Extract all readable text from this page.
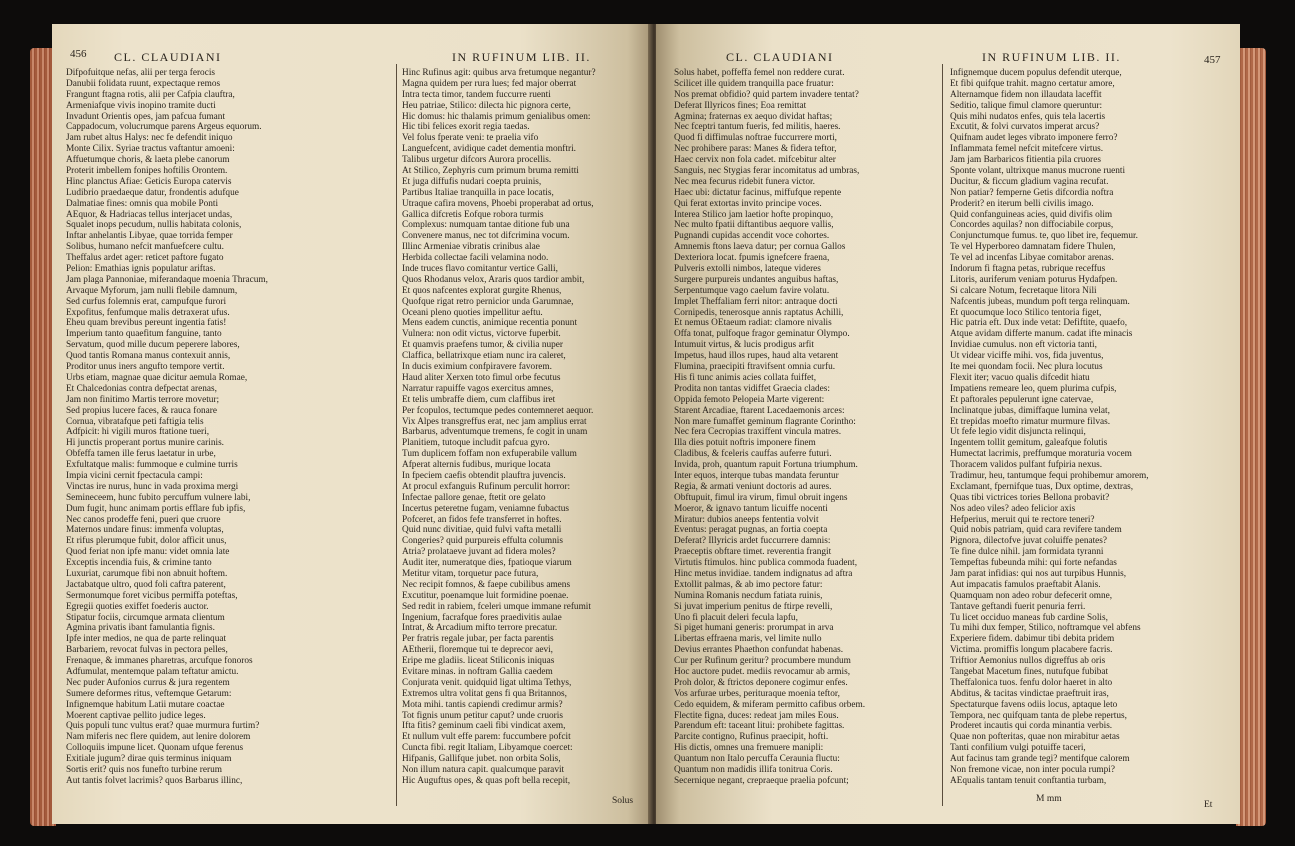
456 CL. CLAUDIANI	IN RUFINUM LIB. II.
Difpofuitque nefas, alii per terga ferocis
Danubii folidata ruunt, expectaque remos
Frangunt ftagna rotis, alii per Cafpia clauftra,
Armeniafque vivis inopino tramite ducti
Invadunt Orientis opes, jam pafcua fumant
Cappadocum, volucrumque parens Argeus equorum.
Jam rubet altus Halys: nec fe defendit iniquo
Monte Cilix. Syriae tractus vaftantur amoeni:
Affuetumque choris, & laeta plebe canorum
Proterit imbellem fonipes hoftilis Orontem.
Hinc planctus Afiae: Geticis Europa catervis
Ludibrio praedaeque datur, frondentis adufque
Dalmatiae fines: omnis qua mobile Ponti
AEquor, & Hadriacas tellus interjacet undas,
Squalet inops pecudum, nullis habitata colonis,
Inftar anhelantis Libyae, quae torrida femper
Solibus, humano nefcit manfuefcere cultu.
Theffalus ardet ager: reticet paftore fugato
Pelion: Emathias ignis populatur ariftas.
Jam plaga Pannoniae, miferandaque moenia Thracum,
Arvaque Myforum, jam nulli flebile damnum,
Sed curfus folemnis erat, campufque furori
Expofitus, fenfumque malis detraxerat ufus.
Eheu quam brevibus pereunt ingentia fatis!
Imperium tanto quaefitum fanguine, tanto
Servatum, quod mille ducum peperere labores,
Quod tantis Romana manus contexuit annis,
Proditor unus iners angufto tempore vertit.
Urbs etiam, magnae quae dicitur aemula Romae,
Et Chalcedonias contra defpectat arenas,
Jam non finitimo Martis terrore movetur;
Sed propius lucere faces, & rauca fonare
Cornua, vibratafque peti faftigia telis
Adfpicit: hi vigili muros ftatione tueri,
Hi junctis properant portus munire carinis.
Obfeffa tamen ille ferus laetatur in urbe,
Exfultatque malis: fummoque e culmine turris
Impia vicini cernit fpectacula campi:
Vinctas ire nurus, hunc in vada proxima mergi
Semineceem, hunc fubito percuffum vulnere labi,
Dum fugit, hunc animam portis efflare fub ipfis,
Nec canos prodeffe feni, pueri que cruore
Maternos undare finus: immenfa voluptas,
Et rifus plerumque fubit, dolor afficit unus,
Quod feriat non ipfe manu: videt omnia late
Exceptis incendia fuis, & crimine tanto
Luxuriat, carumque fibi non abnuit hoftem.
Jactabatque ultro, quod foli caftra paterent,
Sermonumque foret vicibus permiffa poteftas,
Egregii quoties exiffet foederis auctor.
Stipatur fociis, circumque armata clientum
Agmina privatis ibant famulantia fignis.
Ipfe inter medios, ne qua de parte relinquat
Barbariem, revocat fulvas in pectora pelles,
Frenaque, & immanes pharetras, arcufque fonoros
Adfumulat, mentemque palam teftatur amictu.
Nec puder Aufonios currus & jura regentem
Sumere deformes ritus, veftemque Getarum:
Infignemque habitum Latii mutare coactae
Moerent captivae pellito judice leges.
Quis populi tunc vultus erat? quae murmura furtim?
Nam miferis nec flere quidem, aut lenire dolorem
Colloquiis impune licet. Quonam ufque ferenus
Exitiale jugum? dirae quis terminus iniquam
Sortis erit? quis nos funefto turbine rerum
Aut tantis folvet lacrimis? quos Barbarus illinc,
Hinc Rufinus agit: quibus arva fretumque negantur?
Magna quidem per rura lues; fed major oberrat
Intra tecta timor, tandem fuccurre ruenti
Heu patriae, Stilico: dilecta hic pignora certe,
Hic domus: hic thalamis primum genialibus omen:
Hic tibi felices exorit regia taedas.
Vel folus fperate veni: te praelia vifo
Languefcent, avidique cadet dementia monftri.
Talibus urgetur difcors Aurora procellis.
At Stilico, Zephyris cum primum bruma remitti
Et juga diffufis nudari coepta pruinis,
Partibus Italiae tranquilla in pace locatis,
Utraque cafira movens, Phoebi properabat ad ortus,
Gallica difcretis Eofque robora turmis
Complexus: numquam tantae ditione fub una
Convenere manus, nec tot difcrimina vocum.
Illinc Armeniae vibratis crinibus alae
Herbida collectae facili velamina nodo.
Inde truces flavo comitantur vertice Galli,
Quos Rhodanus velox, Araris quos tardior ambit,
Et quos nafcentes explorat gurgite Rhenus,
Quofque rigat retro pernicior unda Garumnae,
Oceani pleno quoties impellitur aeftu.
Mens eadem cunctis, animique recentia ponunt
Vulnera: non odit victus, victorve fuperbit.
Et quamvis praefens tumor, & civilia nuper
Claffica, bellatrixque etiam nunc ira caleret,
In ducis eximium confpiravere favorem.
Haud aliter Xerxen toto fimul orbe fecutus
Narratur rapuiffe vagos exercitus amnes,
Et telis umbraffe diem, cum claffibus iret
Per fcopulos, tectumque pedes contemneret aequor.
Vix Alpes transgreffus erat, nec jam amplius errat
Barbarus, adventumque tremens, fe cogit in unam
Planitiem, tutoque includit pafcua gyro.
Tum duplicem foffam non exfuperabile vallum
Afperat alternis fudibus, murique locata
In fpeciem caefis obtendit plauftra juvencis.
At procul exfanguis Rufinum perculit horror:
Infectae pallore genae, ftetit ore gelato
Incertus peteretne fugam, veniamne fubactus
Pofceret, an fidos fefe transferret in hoftes.
Quid nunc divitiae, quid fulvi vafta metalli
Congeries? quid purpureis effulta columnis
Atria? prolataeve juvant ad fidera moles?
Audit iter, numeratque dies, fpatioque viarum
Metitur vitam, torquetur pace futura,
Nec recipit fomnos, & faepe cubilibus amens
Excutitur, poenamque luit formidine poenae.
Sed redit in rabiem, fceleri umque immane refumit
Ingenium, facrafque fores praedivitis aulae
Intrat, & Arcadium mifto terrore precatur.
Per fratris regale jubar, per facta parentis
AEtherii, floremque tui te deprecor aevi,
Eripe me gladiis. liceat Stiliconis iniquas
Evitare minas. in noftram Gallia caedem
Conjurata venit. quidquid ligat ultima Tethys,
Extremos ultra volitat gens fi qua Britannos,
Mota mihi. tantis capiendi credimur armis?
Tot fignis unum petitur caput? unde cruoris
Ifta fitis? geminum caeli fibi vindicat axem,
Et nullum vult effe parem: fuccumbere pofcit
Cuncta fibi. regit Italiam, Libyamque coercet:
Hifpanis, Gallifque jubet. non orbita Solis,
Non illum natura capit. qualcumque paravit
Hic Auguftus opes, & quas poft bella recepit,
Solus
CL. CLAUDIANI	IN RUFINUM LIB. II.	457
Solus habet, poffeffa femel non reddere curat.
Scilicet ille quidem tranquilla pace fruatur:
Nos premat obfidio? quid partem invadere tentat?
Deferat Illyricos fines; Eoa remittat
Agmina; fraternas ex aequo dividat haftas;
Nec fceptri tantum fueris, fed militis, haeres.
Quod fi diffimulas noftrae fuccurrere morti,
Nec prohibere paras: Manes & fidera teftor,
Haec cervix non fola cadet. mifcebitur alter
Sanguis, nec Stygias ferar incomitatus ad umbras,
Nec mea fecurus ridebit funera victor.
Haec ubi: dictatur facinus, miffufque repente
Qui ferat extortas invito principe voces.
Interea Stilico jam laetior hofte propinquo,
Nec multo fpatii diftantibus aequore vallis,
Pugnandi cupidas accendit voce cohortes.
Amnemis ftons laeva datur; per cornua Gallos
Dexteriora locat. fpumis ignefcere fraena,
Pulveris extolli nimbos, lateque videres
Surgere purpureis undantes anguibus haftas,
Serpentumque vago caelum favire volatu.
Implet Theffaliam ferri nitor: antraque docti
Cornipedis, tenerosque annis raptatus Achilli,
Et nemus OEtaeum radiat: clamore nivalis
Offa tonat, pulfoque fragor geminatur Olympo.
Intumuit virtus, & lucis prodigus arfit
Impetus, haud illos rupes, haud alta vetarent
Flumina, praecipiti ftravifsent omnia curfu.
His fi tunc animis acies collata fuiffet,
Prodita non tantas vidiffet Graecia clades:
Oppida femoto Pelopeia Marte vigerent:
Starent Arcadiae, ftarent Lacedaemonis arces:
Non mare fumaffet geminum flagrante Corintho:
Nec fera Cecropias traxiffent vincula matres.
Illa dies potuit noftris imponere finem
Cladibus, & fceleris cauffas auferre futuri.
Invida, proh, quantum rapuit Fortuna triumphum.
Inter equos, interque tubas mandata feruntur
Regia, & armati veniunt doctoris ad aures.
Obftupuit, fimul ira virum, fimul obruit ingens
Moeror, & ignavo tantum licuiffe nocenti
Miratur: dubios aneeps fententia volvit
Eventus: peragat pugnas, an fortia coepta
Deferat? Illyricis ardet fuccurrere damnis:
Praeceptis obftare timet. reverentia frangit
Virtutis ftimulos. hinc publica commoda fuadent,
Hinc metus invidiae. tandem indignatus ad aftra
Extollit palmas, & ab imo pectore fatur:
Numina Romanis necdum fatiata ruinis,
Si juvat imperium penitus de ftirpe revelli,
Uno fi placuit deleri fecula lapfu,
Si piget humani generis: prorumpat in arva
Libertas effraena maris, vel limite nullo
Devius errantes Phaethon confundat habenas.
Cur per Rufinum geritur? procumbere mundum
Hoc auctore pudet. mediis revocamur ab armis,
Proh dolor, & ftrictos deponere cogimur enfes.
Vos arfurae urbes, perituraque moenia teftor,
Cedo equidem, & miferam permitto cafibus orbem.
Flectite figna, duces: redeat jam miles Eous.
Parendum eft: taceant litui: prohibete fagittas.
Parcite contigno, Rufinus praecipit, hofti.
His dictis, omnes una fremuere manipli:
Quantum non Italo percuffa Ceraunia fluctu:
Quantum non madidis illifa tonitrua Coris.
Secernique negant, crepraeque praelia pofcunt;
Infignemque ducem populus defendit uterque,
Et fibi quifque trahit. magno certatur amore,
Alternamque fidem non illaudata laceffit
Seditio, talique fimul clamore queruntur:
Quis mihi nudatos enfes, quis tela lacertis
Excutit, & folvi curvatos imperat arcus?
Quifnam audet leges vibrato imponere ferro?
Inflammata femel nefcit mitefcere virtus.
Jam jam Barbaricos fitientia pila cruores
Sponte volant, ultrixque manus mucrone ruenti
Ducitur, & ficcum gladium vagina recufat.
Non patiar? femperne Getis difcordia noftra
Proderit? en iterum belli civilis imago.
Quid confanguineas acies, quid divifis olim
Concordes aquilas? non diffociabile corpus,
Conjunctumque fumus. te, quo libet ire, fequemur.
Te vel Hyperboreo damnatam fidere Thulen,
Te vel ad incenfas Libyae comitabor arenas.
Indorum fi ftagna petas, rubrique receffus
Litoris, auriferum veniam poturus Hydafpen.
Si calcare Notum, fecretaque litora Nili
Nafcentis jubeas, mundum poft terga relinquam.
Et quocumque loco Stilico tentoria figet,
Hic patria eft. Dux inde vetat: Defiftite, quaefo,
Atque avidam differte manum. cadat ifte minacis
Invidiae cumulus. non eft victoria tanti,
Ut videar viciffe mihi. vos, fida juventus,
Ite mei quondam focii. Nec plura locutus
Flexit iter; vacuo qualis difcedit hiatu
Impatiens remeare leo, quem plurima cufpis,
Et paftorales pepulerunt igne catervae,
Inclinatque jubas, dimiffaque lumina velat,
Et trepidas moefto rimatur murmure filvas.
Ut fefe legio vidit disjuncta relinqui,
Ingentem tollit gemitum, galeafque folutis
Humectat lacrimis, preffumque moraturia vocem
Thoracem validos pulfant fufpiria nexus.
Tradimur, heu, tantumque fequi prohibemur amorem,
Exclamant, fpernifque tuas, Dux optime, dextras,
Quas tibi victrices tories Bellona probavit?
Nos adeo viles? adeo felicior axis
Hefperius, meruit qui te rectore teneri?
Quid nobis patriam, quid cara revifere tandem
Pignora, dilectofve juvat coluiffe penates?
Te fine dulce nihil. jam formidata tyranni
Tempeftas fubeunda mihi: qui forte nefandas
Jam parat infidias: qui nos aut turpibus Hunnis,
Aut impacatis famulos praeftabit Alanis.
Quamquam non adeo robur defecerit omne,
Tantave geftandi fuerit penuria ferri.
Tu licet occiduo maneas fub cardine Solis,
Tu mihi dux femper, Stilico, noftramque vel abfens
Experiere fidem. dabimur tibi debita pridem
Victima. promiffis longum placabere facris.
Triftior Aemonius nullos digreffus ab oris
Tangebat Macetum fines, nutufque fubibat
Theffalonica tuos. fenfu dolor haeret in alto
Abditus, & tacitas vindictae praeftruit iras,
Spectaturque favens odiis locus, aptaque leto
Tempora, nec quifquam tanta de plebe repertus,
Proderet incautis qui corda minantia verbis.
Quae non pofteritas, quae non mirabitur aetas
Tanti confilium vulgi potuiffe taceri,
Aut facinus tam grande tegi? mentifque calorem
Non fremone vicae, non inter pocula rumpi?
AEqualis tantam tenuit conftantia turbam,
M mm
Et
